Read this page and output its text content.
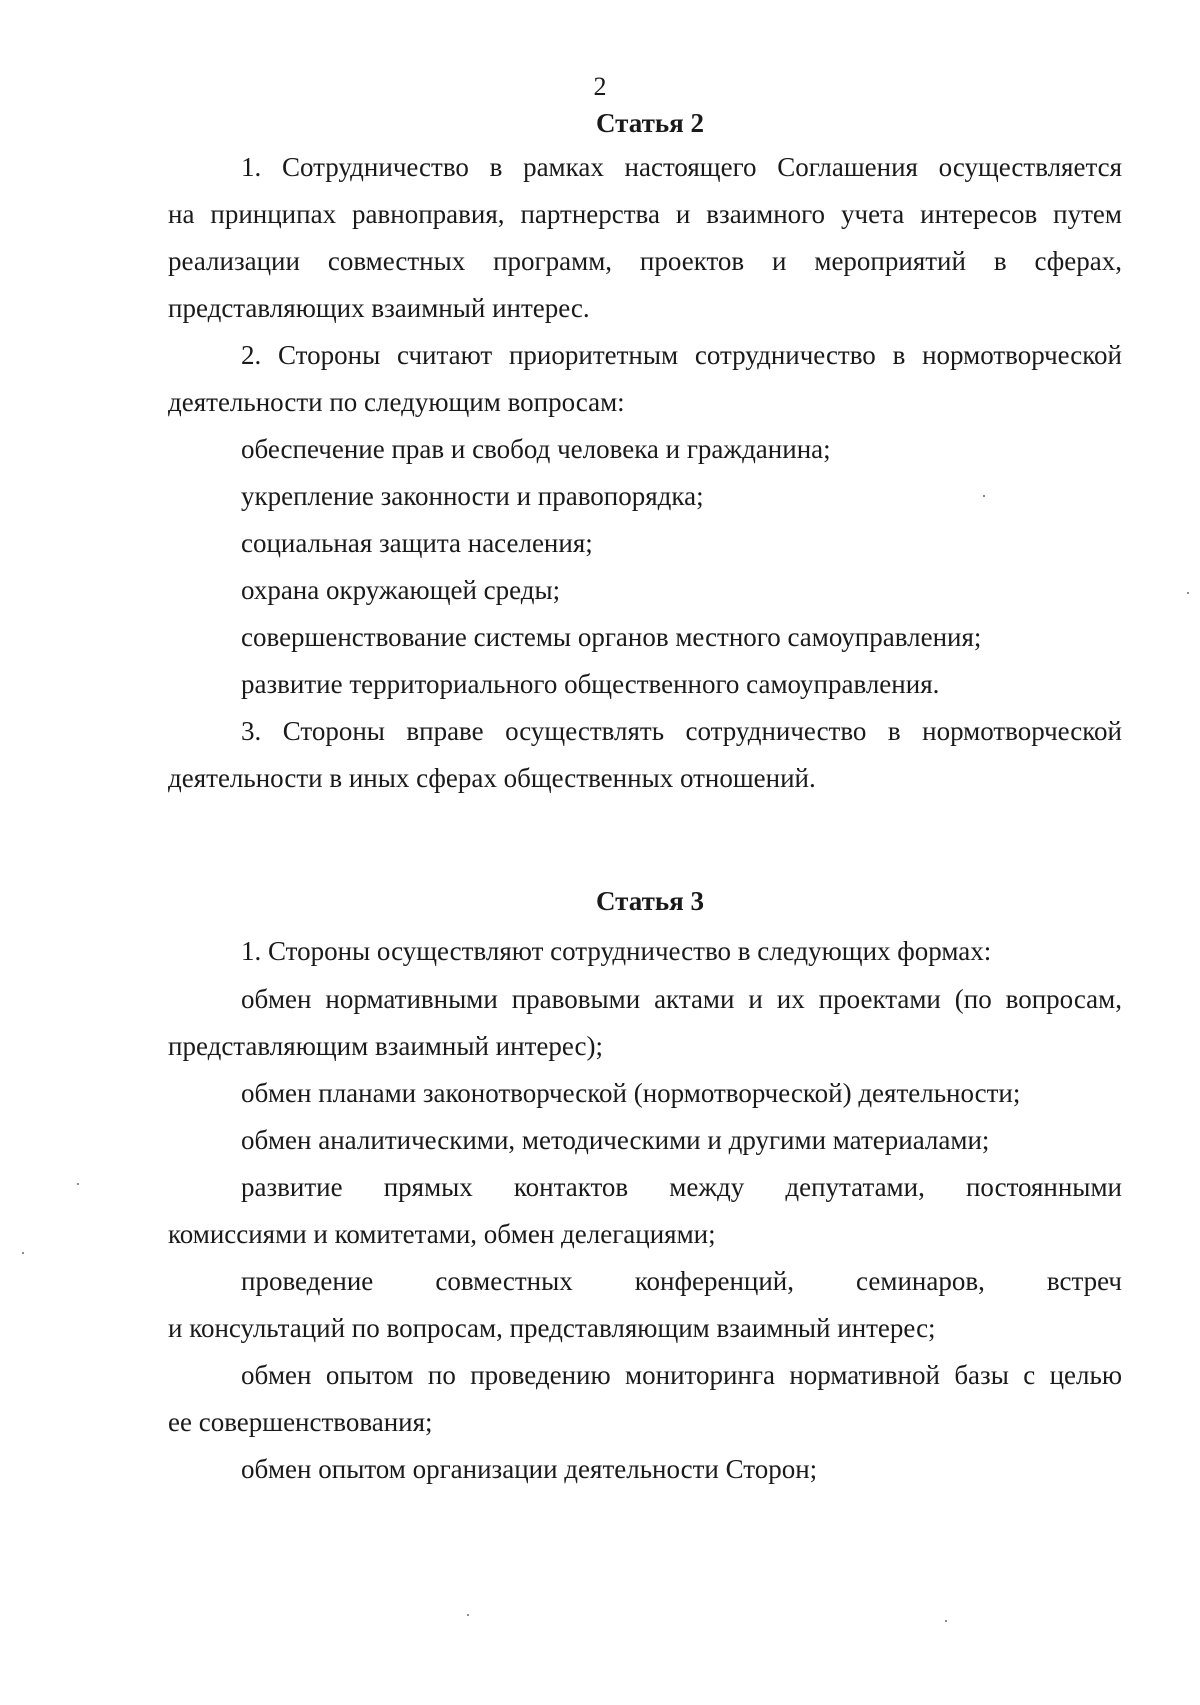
2
Статья 2
1. Сотрудничество в рамках настоящего Соглашения осуществляется
на принципах равноправия, партнерства и взаимного учета интересов путем
реализации совместных программ, проектов и мероприятий в сферах,
представляющих взаимный интерес.
2. Стороны считают приоритетным сотрудничество в нормотворческой
деятельности по следующим вопросам:
обеспечение прав и свобод человека и гражданина;
укрепление законности и правопорядка;
социальная защита населения;
охрана окружающей среды;
совершенствование системы органов местного самоуправления;
развитие территориального общественного самоуправления.
3. Стороны вправе осуществлять сотрудничество в нормотворческой
деятельности в иных сферах общественных отношений.
Статья 3
1. Стороны осуществляют сотрудничество в следующих формах:
обмен нормативными правовыми актами и их проектами (по вопросам,
представляющим взаимный интерес);
обмен планами законотворческой (нормотворческой) деятельности;
обмен аналитическими, методическими и другими материалами;
развитие прямых контактов между депутатами, постоянными
комиссиями и комитетами, обмен делегациями;
проведение совместных конференций, семинаров, встреч
и консультаций по вопросам, представляющим взаимный интерес;
обмен опытом по проведению мониторинга нормативной базы с целью
ее совершенствования;
обмен опытом организации деятельности Сторон;
